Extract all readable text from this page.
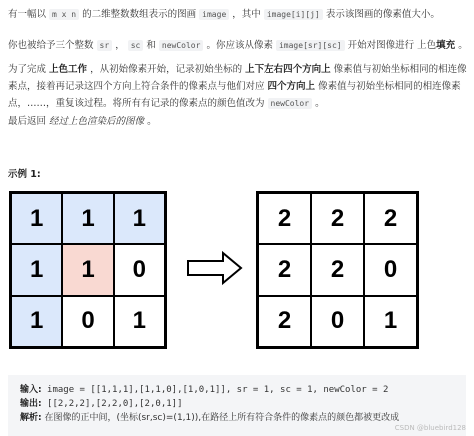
有一幅以 m x n 的二维整数数组表示的图画 image ，其中 image[i][j] 表示该图画的像素值大小。

你也被给予三个整数 sr ， sc 和 newColor 。你应该从像素 image[sr][sc] 开始对图像进行 上色填充 。

为了完成 上色工作 ，从初始像素开始，记录初始坐标的 上下左右四个方向上 像素值与初始坐标相同的相连像素点，接着再记录这四个方向上符合条件的像素点与他们对应 四个方向上 像素值与初始坐标相同的相连像素点，……，重复该过程。将所有有记录的像素点的颜色值改为 newColor 。

最后返回 经过上色渲染后的图像 。

示例 1:

1	1	1
1	1	0
1	0	1
2	2	2
2	2	0
2	0	1
输入: image = [[1,1,1],[1,1,0],[1,0,1]], sr = 1, sc = 1, newColor = 2
输出: [[2,2,2],[2,2,0],[2,0,1]]
解析: 在图像的正中间，(坐标(sr,sc)=(1,1)),在路径上所有符合条件的像素点的颜色都被更改成
CSDN @bluebird128
